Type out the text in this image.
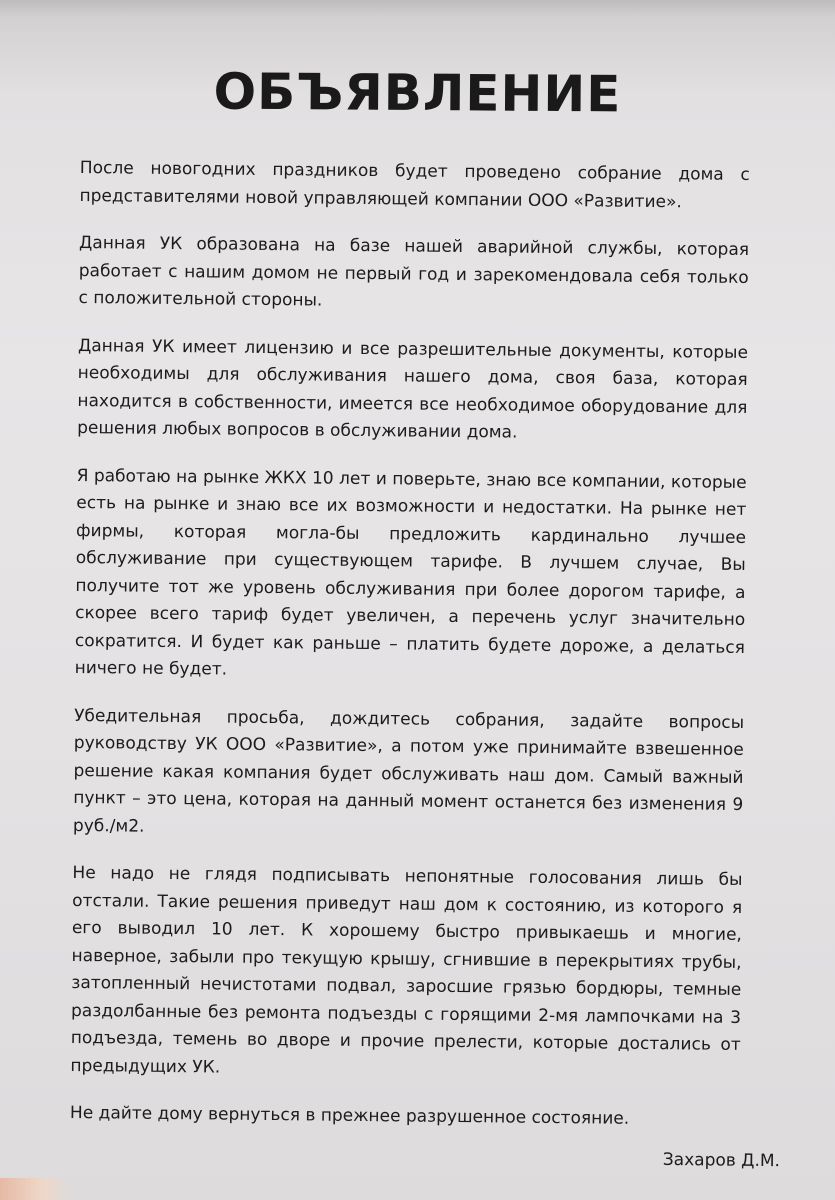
ОБЪЯВЛЕНИЕ

После новогодних праздников будет проведено собрание дома с представителями новой управляющей компании ООО «Развитие».

Данная УК образована на базе нашей аварийной службы, которая работает с нашим домом не первый год и зарекомендовала себя только с положительной стороны.

Данная УК имеет лицензию и все разрешительные документы, которые необходимы для обслуживания нашего дома, своя база, которая находится в собственности, имеется все необходимое оборудование для решения любых вопросов в обслуживании дома.

Я работаю на рынке ЖКХ 10 лет и поверьте, знаю все компании, которые есть на рынке и знаю все их возможности и недостатки. На рынке нет фирмы, которая могла-бы предложить кардинально лучшее обслуживание при существующем тарифе. В лучшем случае, Вы получите тот же уровень обслуживания при более дорогом тарифе, а скорее всего тариф будет увеличен, а перечень услуг значительно сократится. И будет как раньше – платить будете дороже, а делаться ничего не будет.

Убедительная просьба, дождитесь собрания, задайте вопросы руководству УК ООО «Развитие», а потом уже принимайте взвешенное решение какая компания будет обслуживать наш дом. Самый важный пункт – это цена, которая на данный момент останется без изменения 9 руб./м2.

Не надо не глядя подписывать непонятные голосования лишь бы отстали. Такие решения приведут наш дом к состоянию, из которого я его выводил 10 лет. К хорошему быстро привыкаешь и многие, наверное, забыли про текущую крышу, сгнившие в перекрытиях трубы, затопленный нечистотами подвал, заросшие грязью бордюры, темные раздолбанные без ремонта подъезды с горящими 2-мя лампочками на 3 подъезда, темень во дворе и прочие прелести, которые достались от предыдущих УК.

Не дайте дому вернуться в прежнее разрушенное состояние.

Захаров Д.М.
